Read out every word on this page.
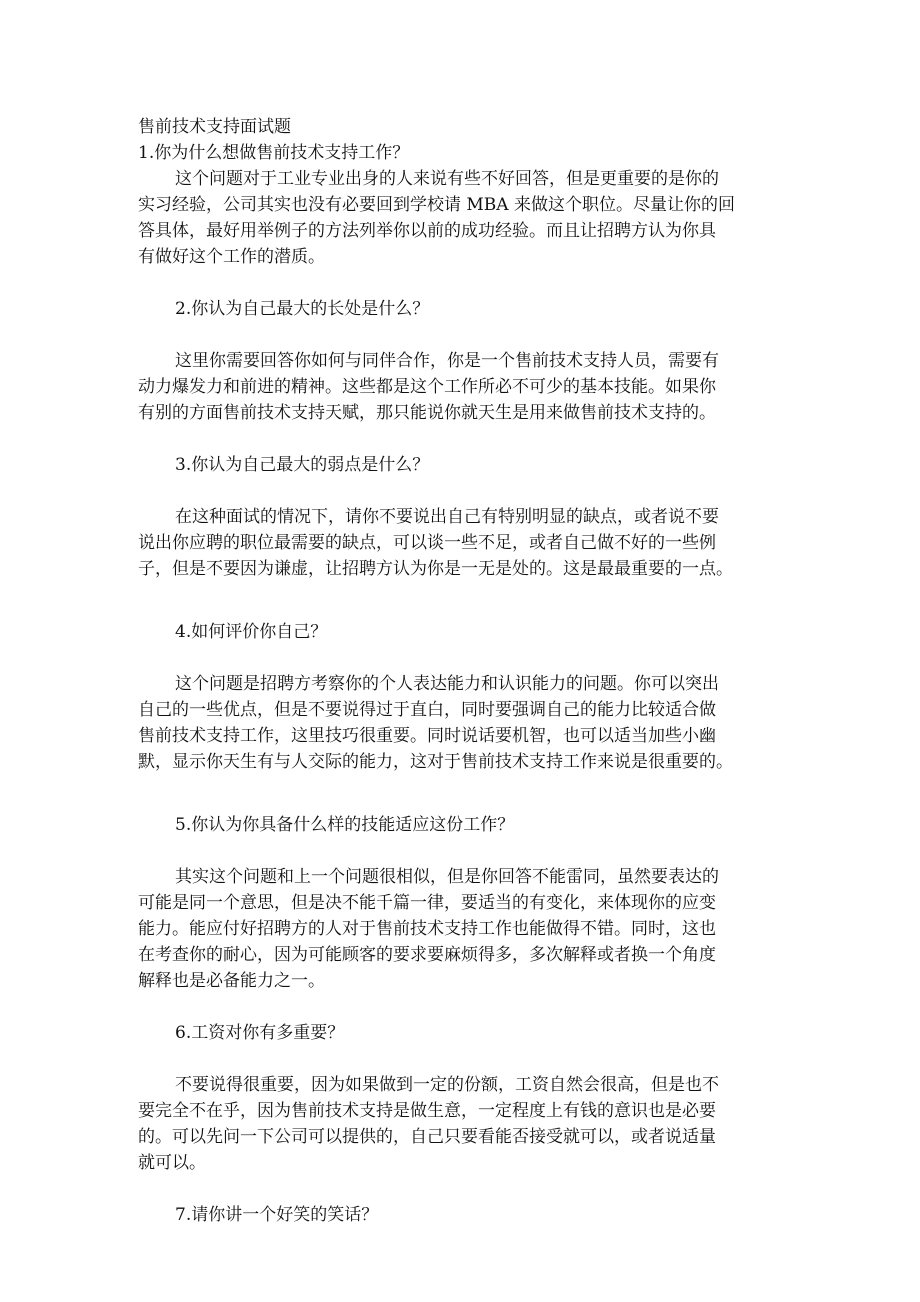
售前技术支持面试题
1.你为什么想做售前技术支持工作？
这个问题对于工业专业出身的人来说有些不好回答，但是更重要的是你的
实习经验，公司其实也没有必要回到学校请 MBA 来做这个职位。尽量让你的回
答具体，最好用举例子的方法列举你以前的成功经验。而且让招聘方认为你具
有做好这个工作的潜质。
2.你认为自己最大的长处是什么？
这里你需要回答你如何与同伴合作，你是一个售前技术支持人员，需要有
动力爆发力和前进的精神。这些都是这个工作所必不可少的基本技能。如果你
有别的方面售前技术支持天赋，那只能说你就天生是用来做售前技术支持的。
3.你认为自己最大的弱点是什么？
在这种面试的情况下，请你不要说出自己有特别明显的缺点，或者说不要
说出你应聘的职位最需要的缺点，可以谈一些不足，或者自己做不好的一些例
子，但是不要因为谦虚，让招聘方认为你是一无是处的。这是最最重要的一点。
4.如何评价你自己？
这个问题是招聘方考察你的个人表达能力和认识能力的问题。你可以突出
自己的一些优点，但是不要说得过于直白，同时要强调自己的能力比较适合做
售前技术支持工作，这里技巧很重要。同时说话要机智，也可以适当加些小幽
默，显示你天生有与人交际的能力，这对于售前技术支持工作来说是很重要的。
5.你认为你具备什么样的技能适应这份工作？
其实这个问题和上一个问题很相似，但是你回答不能雷同，虽然要表达的
可能是同一个意思，但是决不能千篇一律，要适当的有变化，来体现你的应变
能力。能应付好招聘方的人对于售前技术支持工作也能做得不错。同时，这也
在考查你的耐心，因为可能顾客的要求要麻烦得多，多次解释或者换一个角度
解释也是必备能力之一。
6.工资对你有多重要？
不要说得很重要，因为如果做到一定的份额，工资自然会很高，但是也不
要完全不在乎，因为售前技术支持是做生意，一定程度上有钱的意识也是必要
的。可以先问一下公司可以提供的，自己只要看能否接受就可以，或者说适量
就可以。
7.请你讲一个好笑的笑话？
